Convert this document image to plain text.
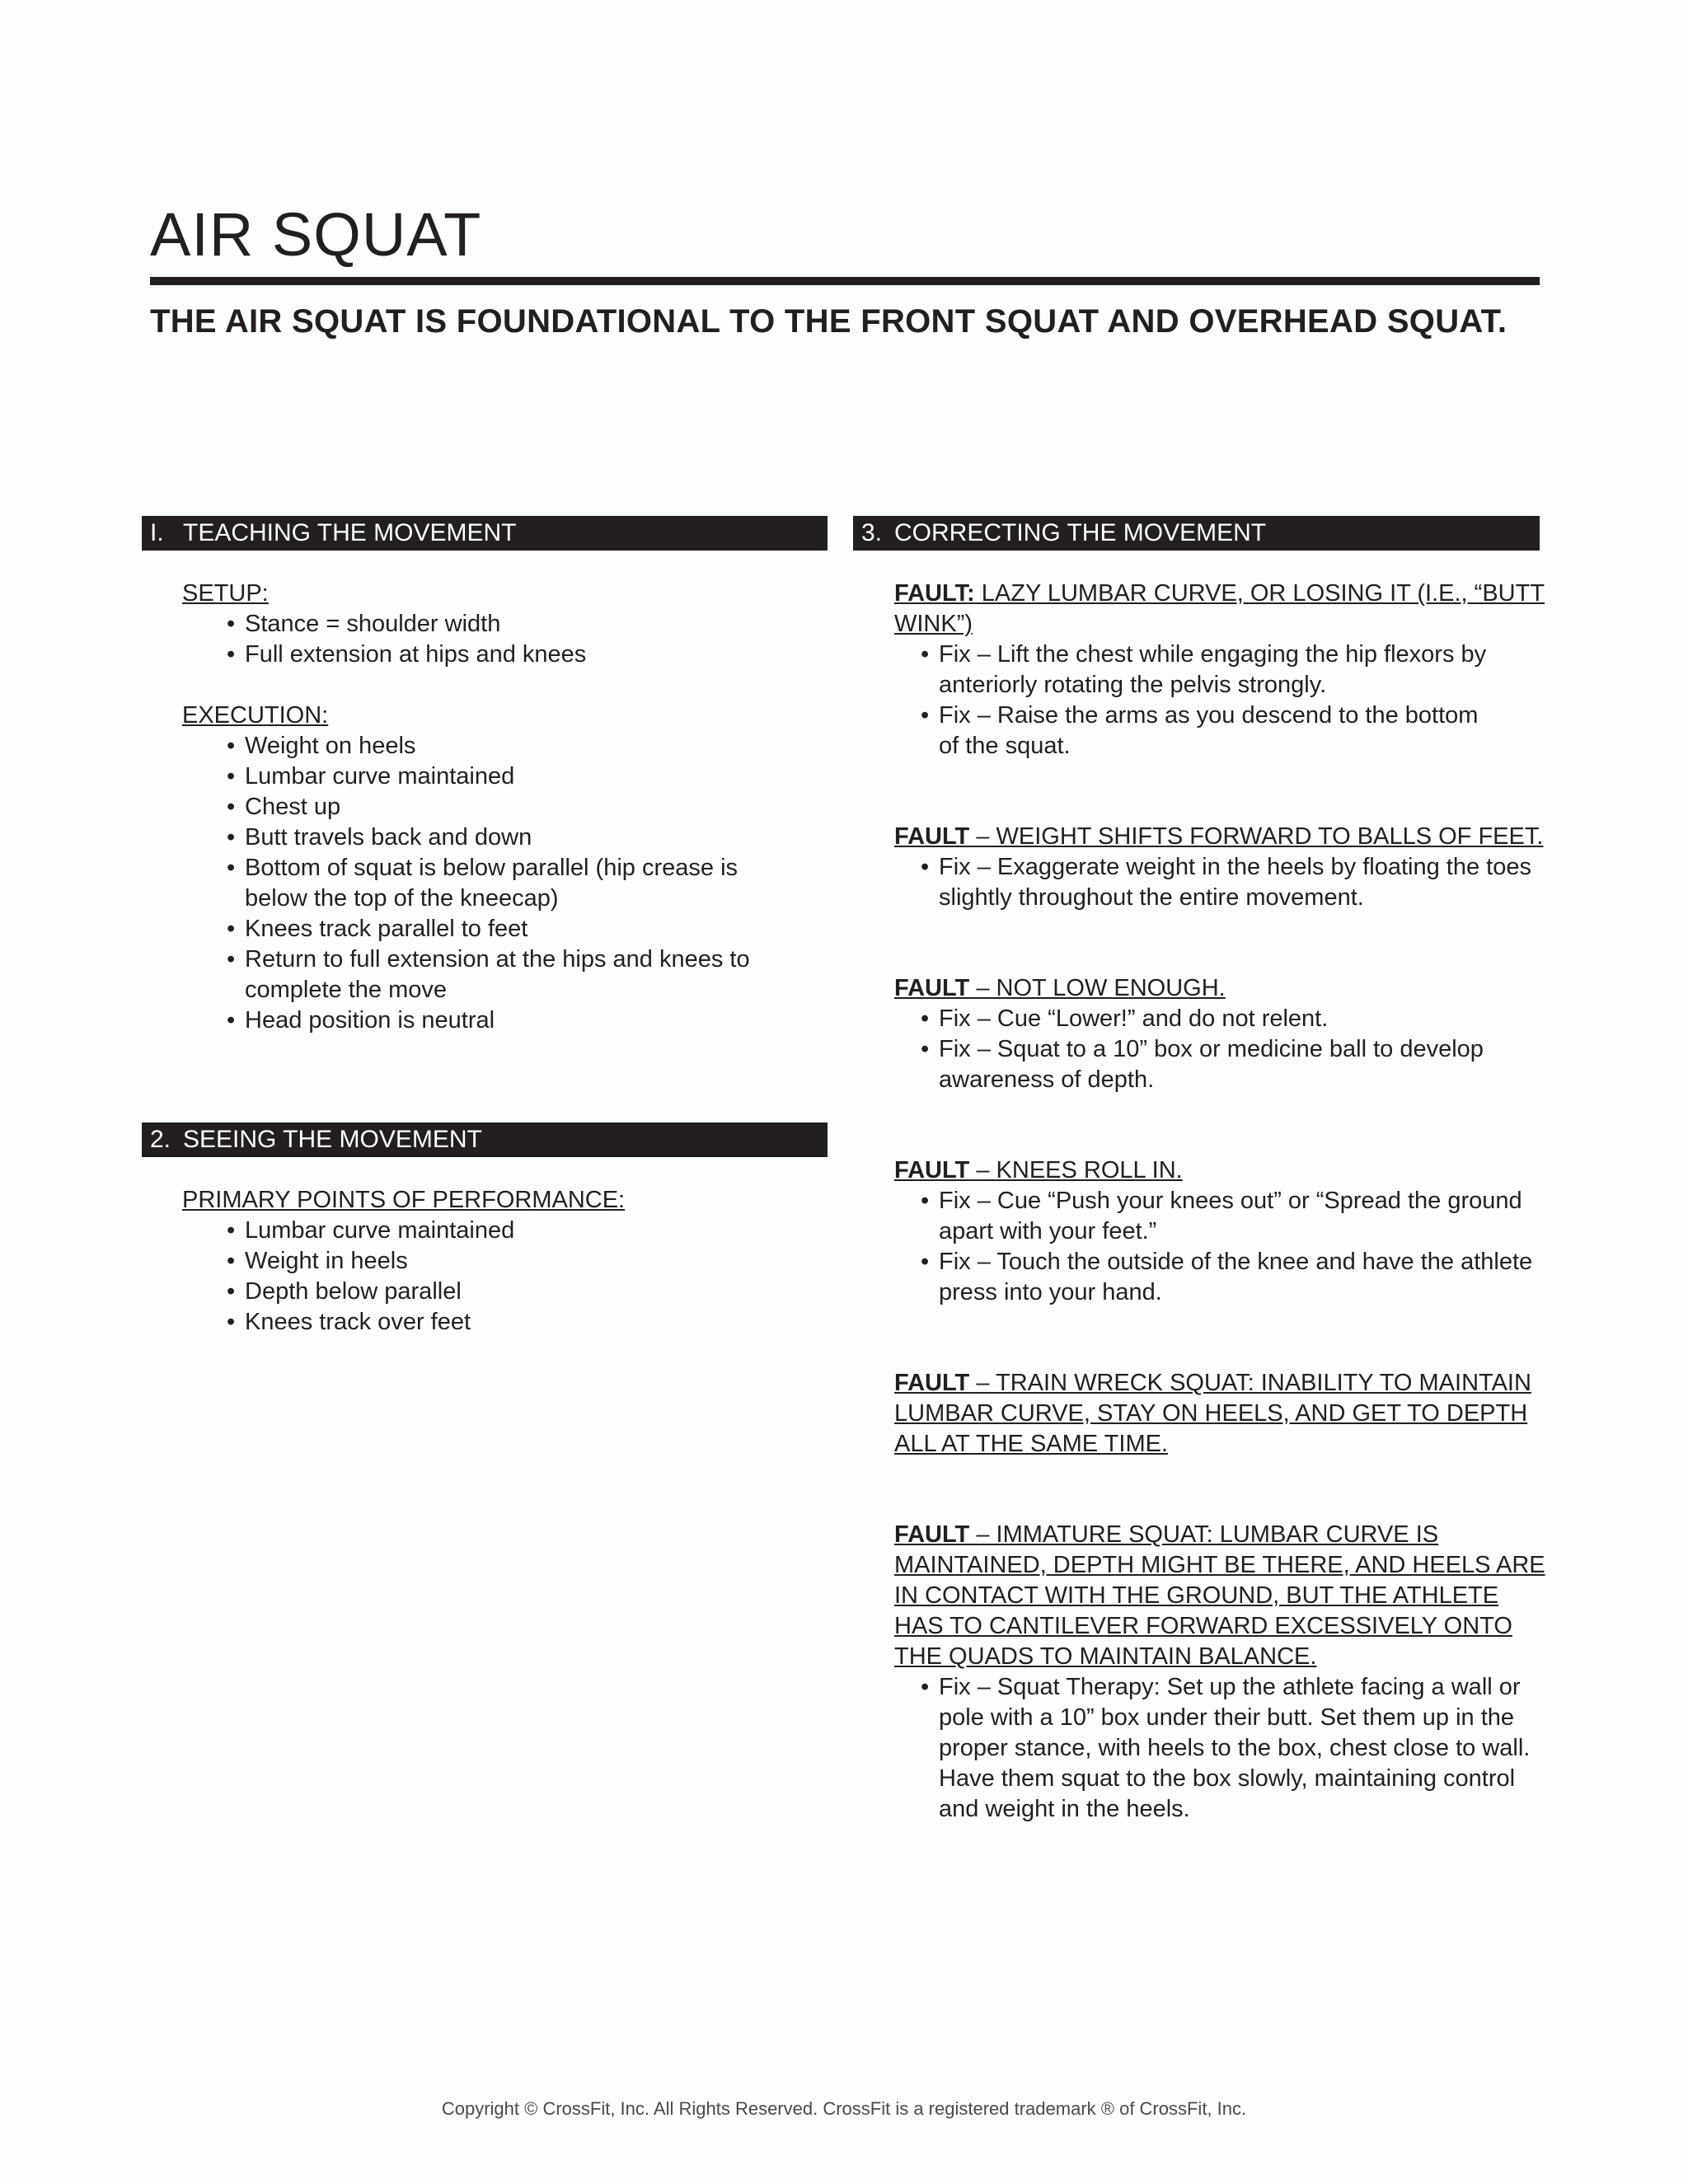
AIR SQUAT
THE AIR SQUAT IS FOUNDATIONAL TO THE FRONT SQUAT AND OVERHEAD SQUAT.
I. TEACHING THE MOVEMENT

SETUP:

• Stance = shoulder width
• Full extension at hips and knees

EXECUTION:

• Weight on heels
• Lumbar curve maintained
• Chest up
• Butt travels back and down
• Bottom of squat is below parallel (hip crease is below the top of the kneecap)
• Knees track parallel to feet
• Return to full extension at the hips and knees to complete the move
• Head position is neutral
2. SEEING THE MOVEMENT

PRIMARY POINTS OF PERFORMANCE:

• Lumbar curve maintained
• Weight in heels
• Depth below parallel
• Knees track over feet
3. CORRECTING THE MOVEMENT

FAULT: LAZY LUMBAR CURVE, OR LOSING IT (I.E., “BUTT WINK”)

• Fix – Lift the chest while engaging the hip flexors by anteriorly rotating the pelvis strongly.
• Fix – Raise the arms as you descend to the bottom of the squat.

FAULT – WEIGHT SHIFTS FORWARD TO BALLS OF FEET.

• Fix – Exaggerate weight in the heels by floating the toes slightly throughout the entire movement.

FAULT – NOT LOW ENOUGH.

• Fix – Cue “Lower!” and do not relent.
• Fix – Squat to a 10” box or medicine ball to develop awareness of depth.

FAULT – KNEES ROLL IN.

• Fix – Cue “Push your knees out” or “Spread the ground apart with your feet.”
• Fix – Touch the outside of the knee and have the athlete press into your hand.

FAULT – TRAIN WRECK SQUAT: INABILITY TO MAINTAIN LUMBAR CURVE, STAY ON HEELS, AND GET TO DEPTH ALL AT THE SAME TIME.

FAULT – IMMATURE SQUAT: LUMBAR CURVE IS MAINTAINED, DEPTH MIGHT BE THERE, AND HEELS ARE IN CONTACT WITH THE GROUND, BUT THE ATHLETE HAS TO CANTILEVER FORWARD EXCESSIVELY ONTO THE QUADS TO MAINTAIN BALANCE.

• Fix – Squat Therapy: Set up the athlete facing a wall or pole with a 10” box under their butt. Set them up in the proper stance, with heels to the box, chest close to wall. Have them squat to the box slowly, maintaining control and weight in the heels.
Copyright © CrossFit, Inc. All Rights Reserved. CrossFit is a registered trademark ® of CrossFit, Inc.
